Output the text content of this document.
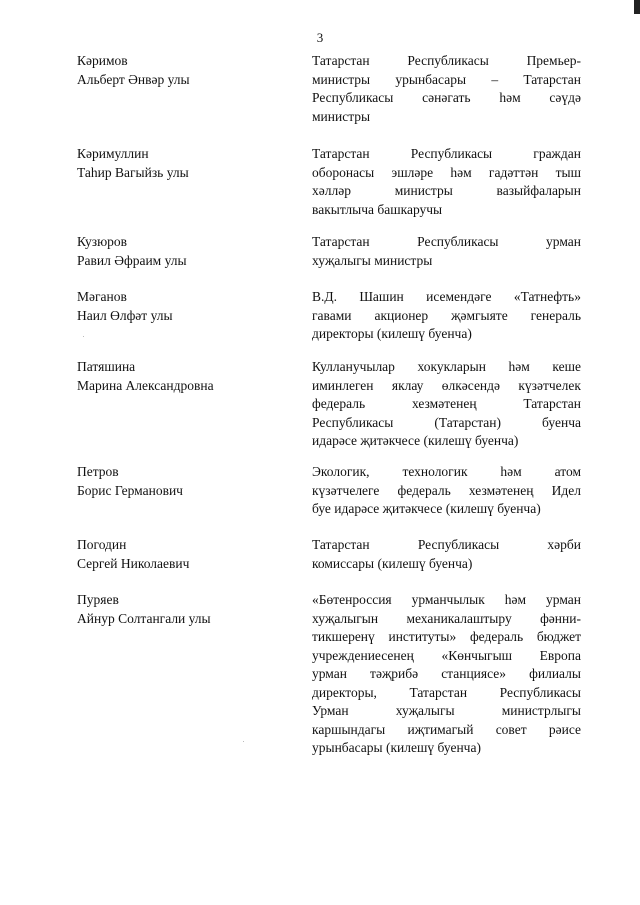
3
Кәримов
Альберт Әнвәр улы
Татарстан	Республикасы	Премьер-
министры урынбасары – Татарстан
Республикасы сәнәгать һәм сәүдә
министры
Кәримуллин
Таһир Вагыйзь улы
Татарстан	Республикасы	граждан
оборонасы эшләре һәм гадәттән тыш
хәлләр	министры	вазыйфаларын
вакытлыча башкаручы
Кузюров
Равил Әфраим улы
Татарстан	Республикасы	урман
хуҗалыгы министры
Мәганов
Наил Өлфәт улы
В.Д. Шашин исемендәге «Татнефть»
гавами акционер җәмгыяте генераль
директоры (килешү буенча)
Патяшина
Марина Александровна
Кулланучылар хокукларын һәм кеше
иминлеген яклау өлкәсендә күзәтчелек
федераль	хезмәтенең	Татарстан
Республикасы	(Татарстан)	буенча
идарәсе җитәкчесе (килешү буенча)
Петров
Борис Германович
Экологик, технологик һәм атом
күзәтчелеге федераль хезмәтенең Идел
буе идарәсе җитәкчесе (килешү буенча)
Погодин
Сергей Николаевич
Татарстан	Республикасы	хәрби
комиссары (килешү буенча)
Пуряев
Айнур Солтангали улы
«Бөтенроссия урманчылык һәм урман
хуҗалыгын механикалаштыру фәнни-
тикшеренү институты» федераль бюджет
учреждениесенең «Көнчыгыш Европа
урман тәҗрибә станциясе» филиалы
директоры, Татарстан Республикасы
Урман	хуҗалыгы	министрлыгы
каршындагы иҗтимагый совет рәисе
урынбасары (килешү буенча)
